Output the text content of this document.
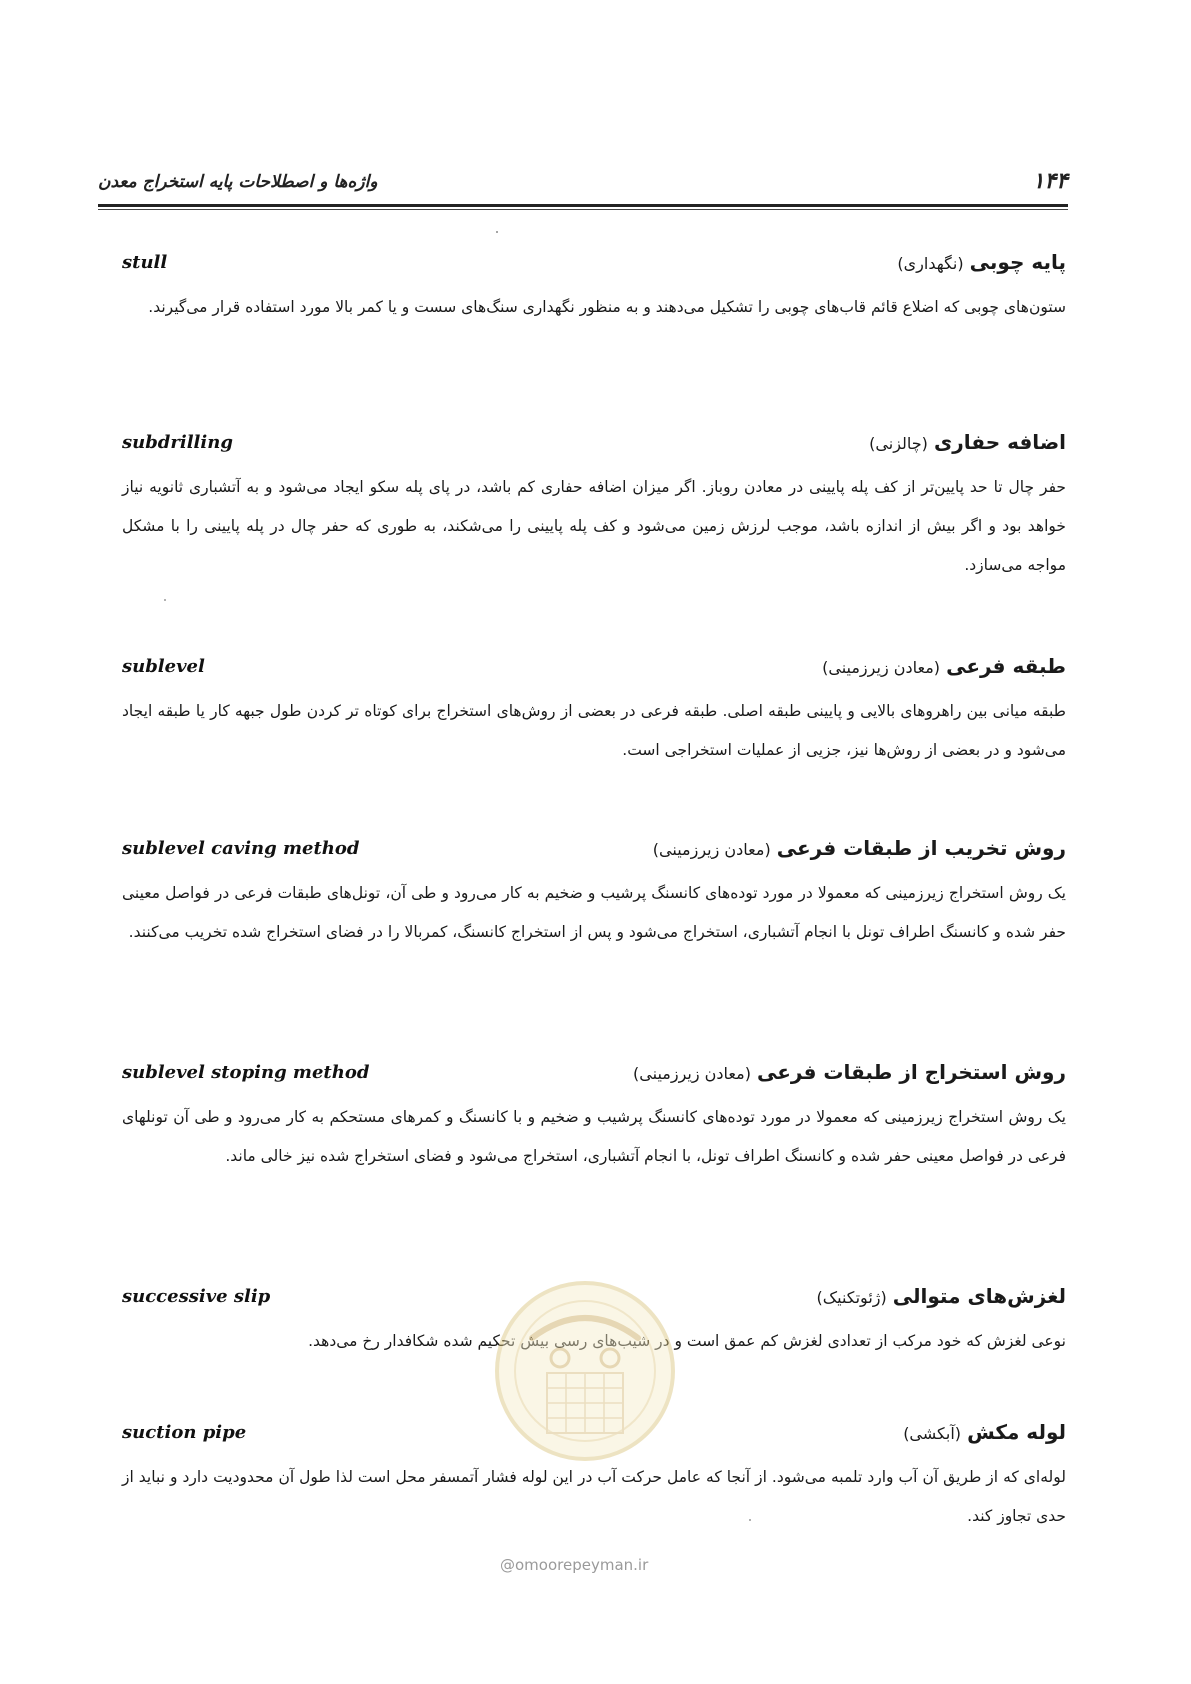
واژه‌ها و اصطلاحات پایه استخراج معدن	۱۴۴
پایه چوبی (نگهداری)
stull
ستون‌های چوبی که اضلاع قائم قاب‌های چوبی را تشکیل می‌دهند و به منظور نگهداری سنگ‌های سست و یا کمر بالا مورد استفاده قرار می‌گیرند.
اضافه حفاری (چالزنی)
subdrilling
حفر چال تا حد پایین‌تر از کف پله پایینی در معادن روباز. اگر میزان اضافه حفاری کم باشد، در پای پله سکو ایجاد می‌شود و به آتشباری ثانویه نیاز خواهد بود و اگر بیش از اندازه باشد، موجب لرزش زمین می‌شود و کف پله پایینی را می‌شکند، به طوری که حفر چال در پله پایینی را با مشکل مواجه می‌سازد.
طبقه فرعی (معادن زیرزمینی)
sublevel
طبقه میانی بین راهروهای بالایی و پایینی طبقه اصلی. طبقه فرعی در بعضی از روش‌های استخراج برای کوتاه تر کردن طول جبهه کار یا طبقه ایجاد می‌شود و در بعضی از روش‌ها نیز، جزیی از عملیات استخراجی است.
روش تخریب از طبقات فرعی (معادن زیرزمینی)
sublevel caving method
یک روش استخراج زیرزمینی که معمولا در مورد توده‌های کانسنگ پرشیب و ضخیم به کار می‌رود و طی آن، تونل‌های طبقات فرعی در فواصل معینی حفر شده و کانسنگ اطراف تونل با انجام آتشباری، استخراج می‌شود و پس از استخراج کانسنگ، کمربالا را در فضای استخراج شده تخریب می‌کنند.
روش استخراج از طبقات فرعی (معادن زیرزمینی)
sublevel stoping method
یک روش استخراج زیرزمینی که معمولا در مورد توده‌های کانسنگ پرشیب و ضخیم و با کانسنگ و کمرهای مستحکم به کار می‌رود و طی آن تونلهای فرعی در فواصل معینی حفر شده و کانسنگ اطراف تونل، با انجام آتشباری، استخراج می‌شود و فضای استخراج شده نیز خالی ماند.
لغزش‌های متوالی (ژئوتکنیک)
successive slip
نوعی لغزش که خود مرکب از تعدادی لغزش کم عمق است و در شیب‌های رسی بیش تحکیم شده شکافدار رخ می‌دهد.
لوله مکش (آبکشی)
suction pipe
لوله‌ای که از طریق آن آب وارد تلمبه می‌شود. از آنجا که عامل حرکت آب در این لوله فشار آتمسفر محل است لذا طول آن محدودیت دارد و نباید از حدی تجاوز کند.
@omoorepeyman.ir
